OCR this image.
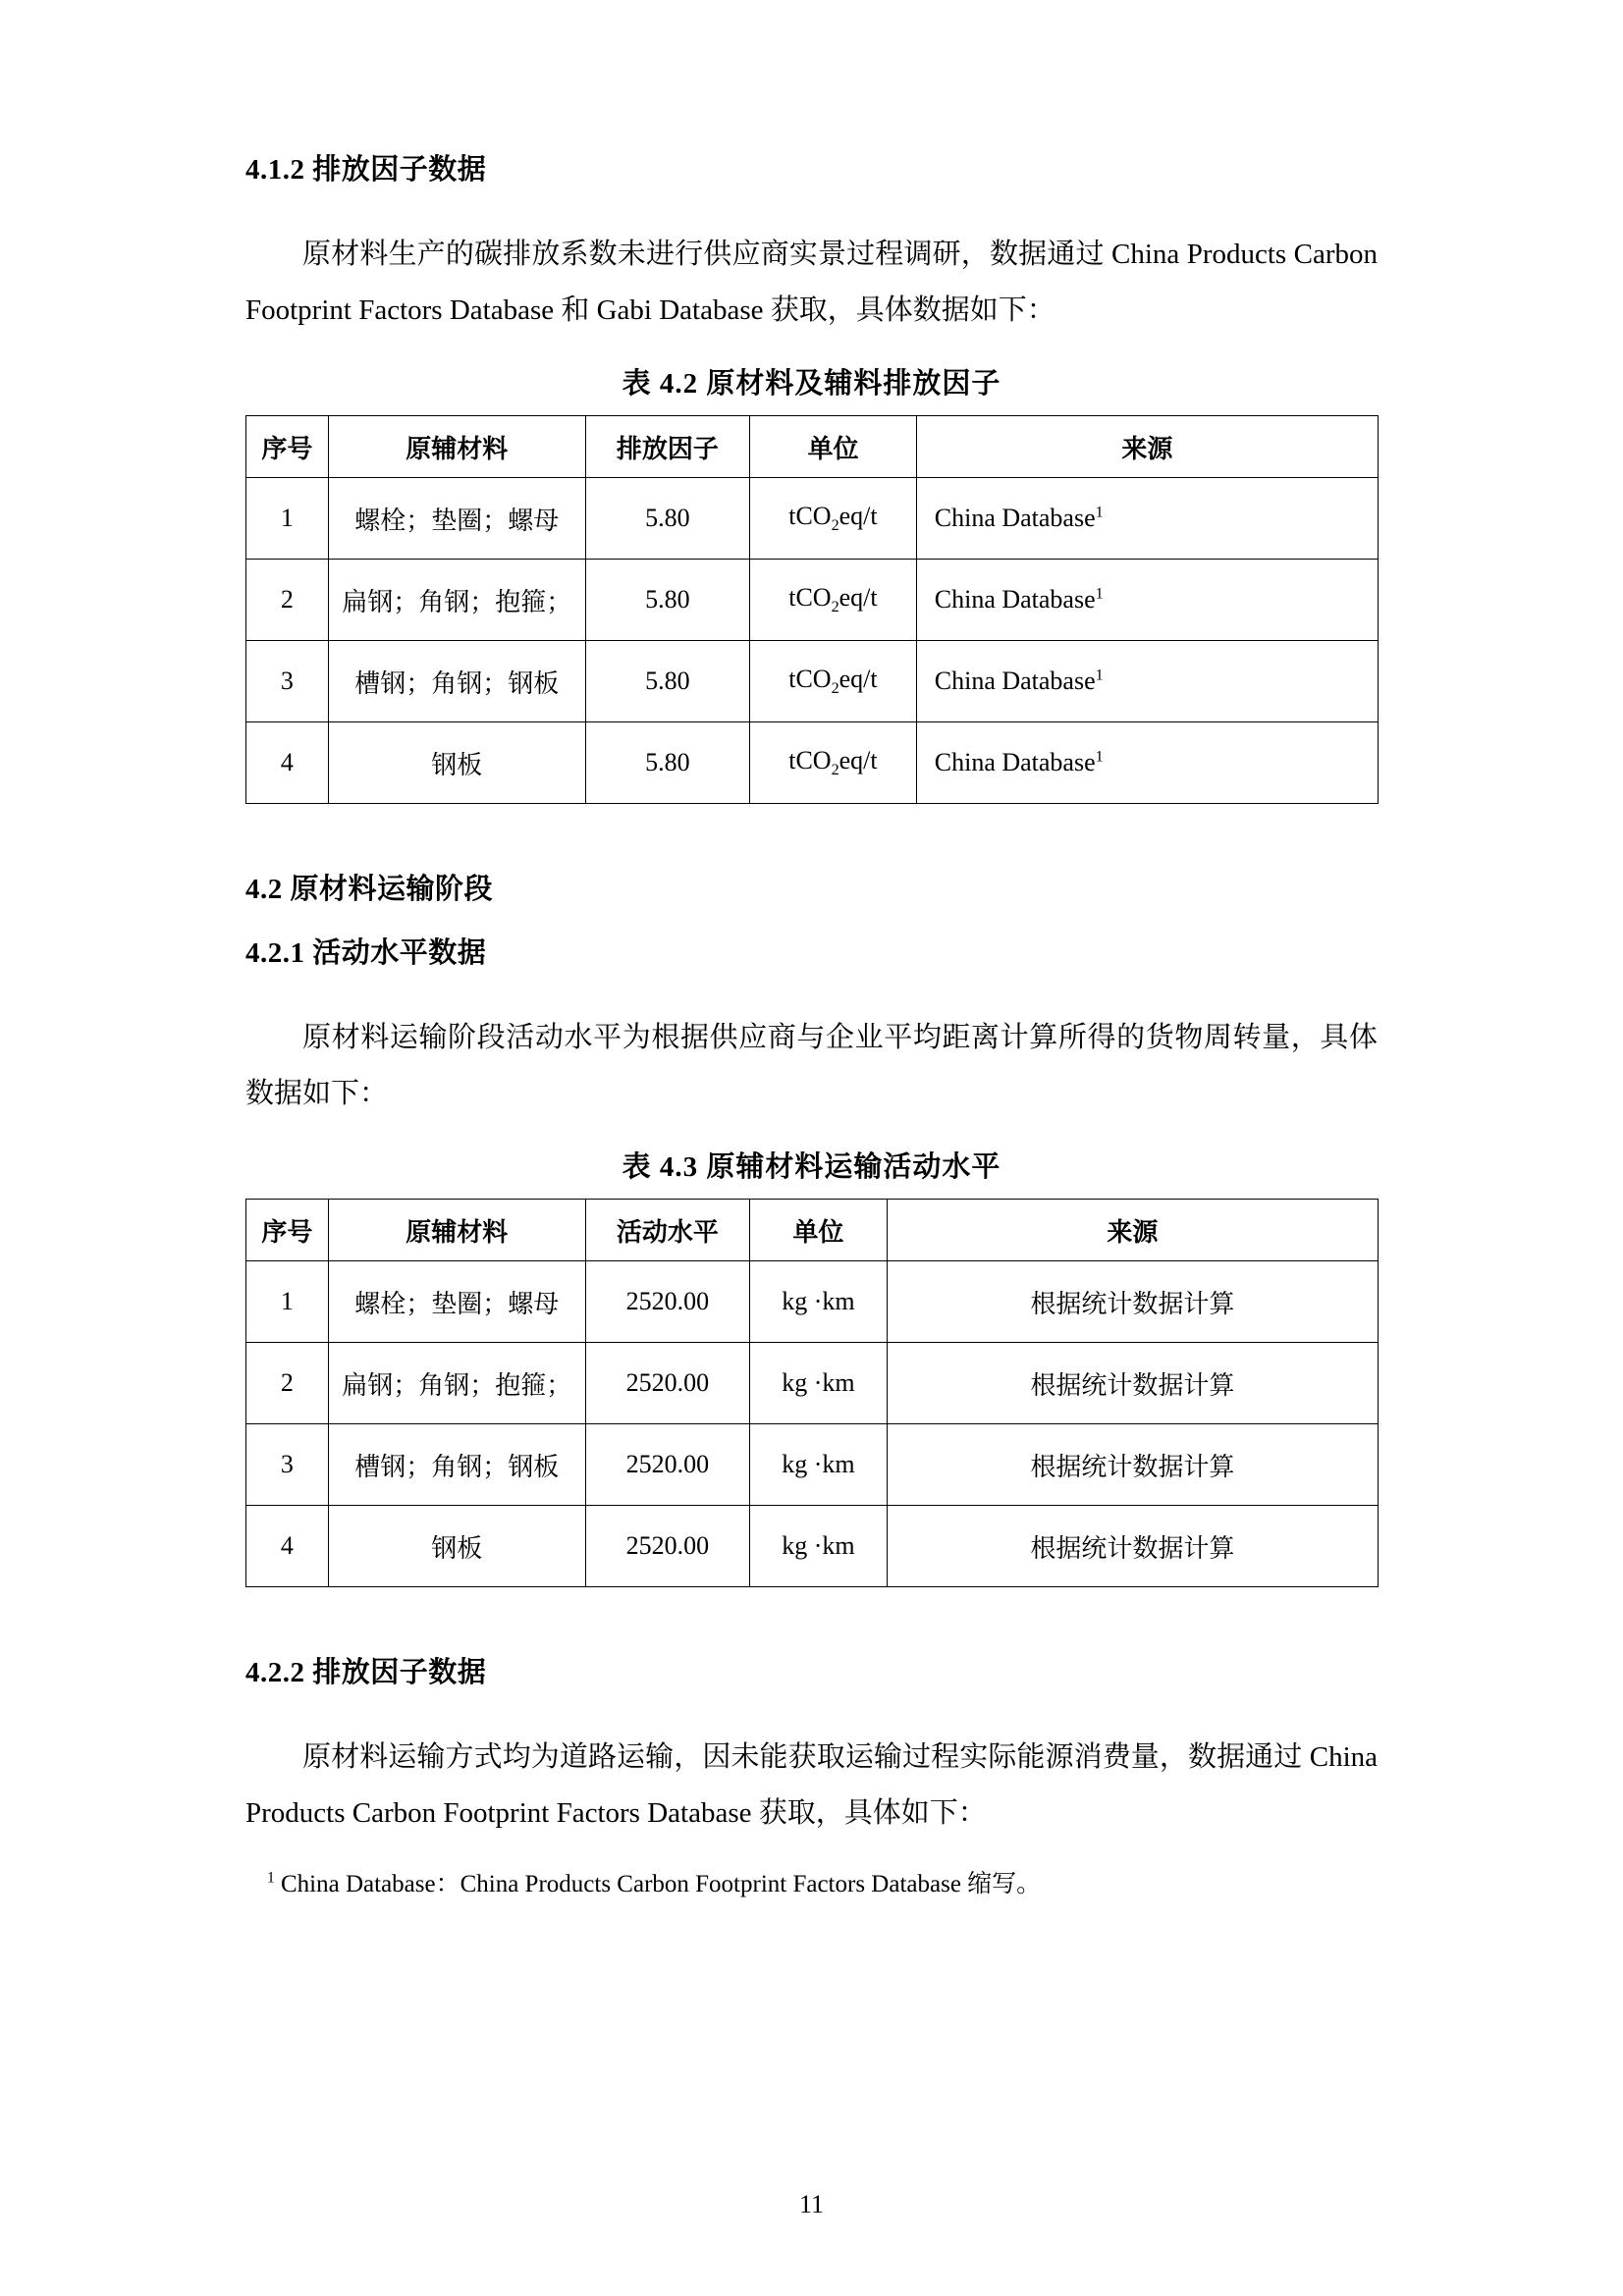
4.1.2 排放因子数据

原材料生产的碳排放系数未进行供应商实景过程调研，数据通过 China Products Carbon Footprint Factors Database 和 Gabi Database 获取，具体数据如下：

表 4.2 原材料及辅料排放因子

序号	原辅材料	排放因子	单位	来源
1	螺栓；垫圈；螺母	5.80	tCO$_2$eq/t	China Database$^1$
2	扁钢；角钢；抱箍；	5.80	tCO$_2$eq/t	China Database$^1$
3	槽钢；角钢；钢板	5.80	tCO$_2$eq/t	China Database$^1$
4	钢板	5.80	tCO$_2$eq/t	China Database$^1$
4.2 原材料运输阶段
4.2.1 活动水平数据

原材料运输阶段活动水平为根据供应商与企业平均距离计算所得的货物周转量，具体数据如下：

表 4.3 原辅材料运输活动水平

序号	原辅材料	活动水平	单位	来源
1	螺栓；垫圈；螺母	2520.00	kg ·km	根据统计数据计算
2	扁钢；角钢；抱箍；	2520.00	kg ·km	根据统计数据计算
3	槽钢；角钢；钢板	2520.00	kg ·km	根据统计数据计算
4	钢板	2520.00	kg ·km	根据统计数据计算
4.2.2 排放因子数据

原材料运输方式均为道路运输，因未能获取运输过程实际能源消费量，数据通过 China Products Carbon Footprint Factors Database 获取，具体如下：

$^1$ China Database：China Products Carbon Footprint Factors Database 缩写。

11
